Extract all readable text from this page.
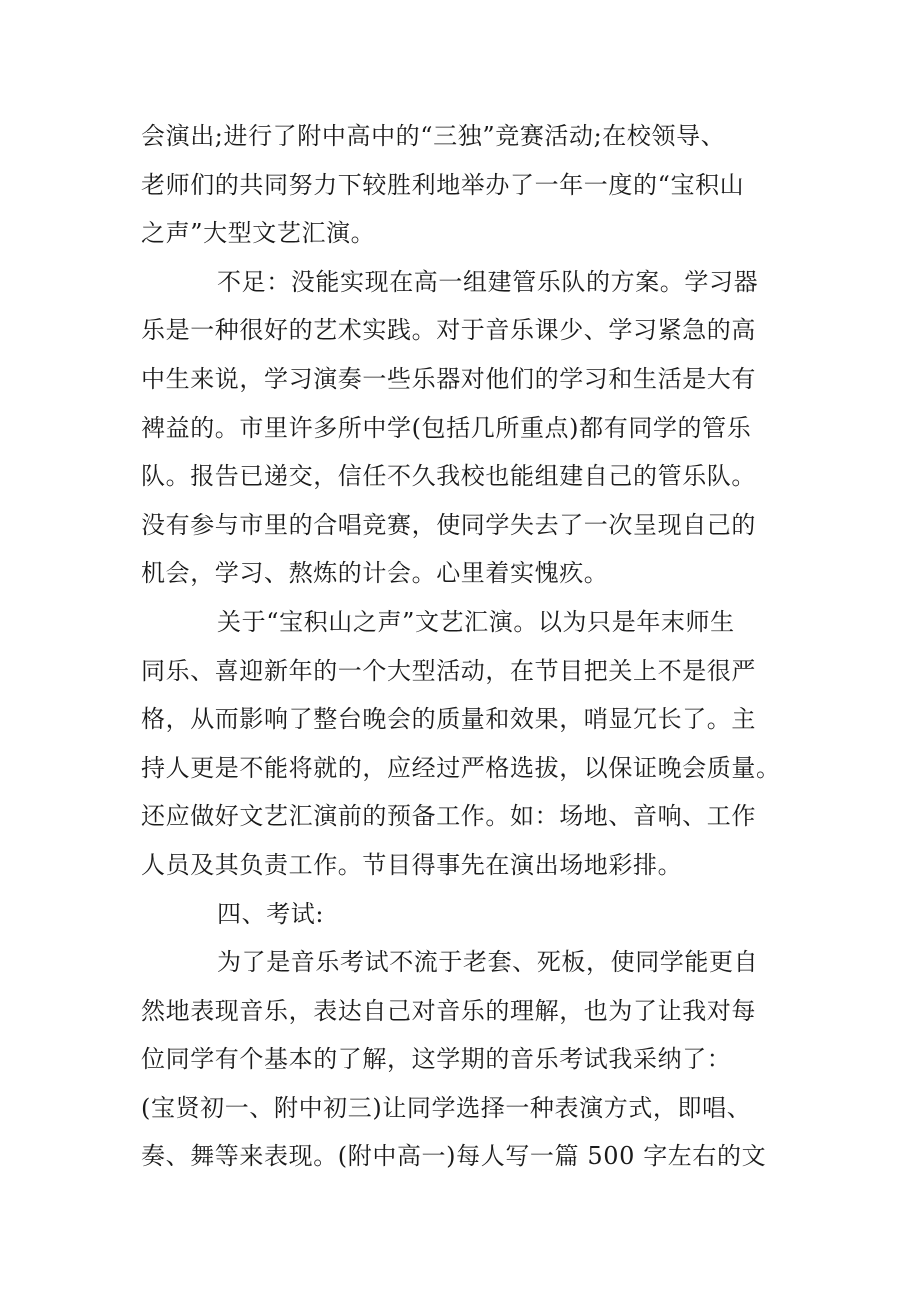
会演出;进行了附中高中的“三独”竞赛活动;在校领导、
老师们的共同努力下较胜利地举办了一年一度的“宝积山
之声”大型文艺汇演。
不足：没能实现在高一组建管乐队的方案。学习器
乐是一种很好的艺术实践。对于音乐课少、学习紧急的高
中生来说，学习演奏一些乐器对他们的学习和生活是大有
裨益的。市里许多所中学(包括几所重点)都有同学的管乐
队。报告已递交，信任不久我校也能组建自己的管乐队。
没有参与市里的合唱竞赛，使同学失去了一次呈现自己的
机会，学习、熬炼的计会。心里着实愧疚。
关于“宝积山之声”文艺汇演。以为只是年末师生
同乐、喜迎新年的一个大型活动，在节目把关上不是很严
格，从而影响了整台晚会的质量和效果，哨显冗长了。主
持人更是不能将就的，应经过严格选拔，以保证晚会质量。
还应做好文艺汇演前的预备工作。如：场地、音响、工作
人员及其负责工作。节目得事先在演出场地彩排。
四、考试:
为了是音乐考试不流于老套、死板，使同学能更自
然地表现音乐，表达自己对音乐的理解，也为了让我对每
位同学有个基本的了解，这学期的音乐考试我采纳了：
(宝贤初一、附中初三)让同学选择一种表演方式，即唱、
奏、舞等来表现。(附中高一)每人写一篇 500 字左右的文
